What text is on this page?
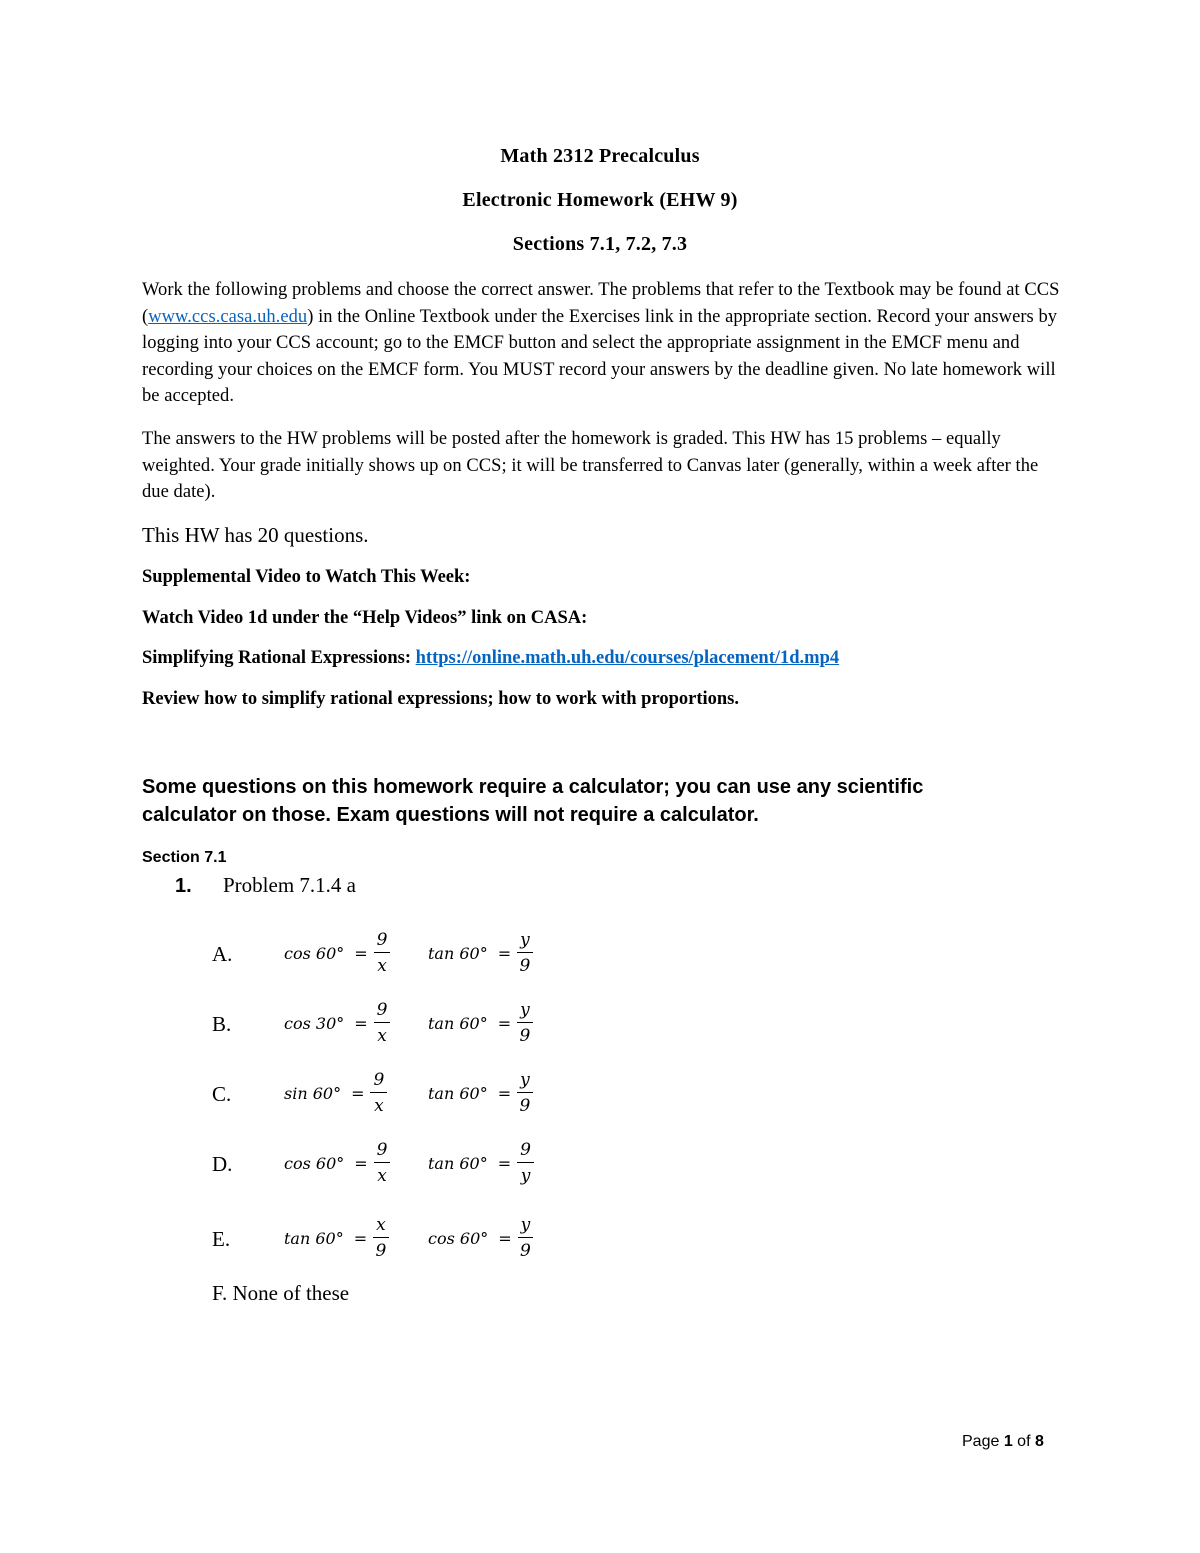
Math 2312 Precalculus
Electronic Homework (EHW 9)
Sections 7.1, 7.2, 7.3
Work the following problems and choose the correct answer. The problems that refer to the Textbook may be found at CCS (www.ccs.casa.uh.edu) in the Online Textbook under the Exercises link in the appropriate section. Record your answers by logging into your CCS account; go to the EMCF button and select the appropriate assignment in the EMCF menu and recording your choices on the EMCF form. You MUST record your answers by the deadline given. No late homework will be accepted.
The answers to the HW problems will be posted after the homework is graded. This HW has 15 problems – equally weighted. Your grade initially shows up on CCS; it will be transferred to Canvas later (generally, within a week after the due date).
This HW has 20 questions.
Supplemental Video to Watch This Week:
Watch Video 1d under the “Help Videos” link on CASA:
Simplifying Rational Expressions: https://online.math.uh.edu/courses/placement/1d.mp4
Review how to simplify rational expressions; how to work with proportions.
Some questions on this homework require a calculator; you can use any scientific calculator on those. Exam questions will not require a calculator.
Section 7.1
1. Problem 7.1.4 a
A.	$\cos 60^\circ = \frac{9}{x}$ $\tan 60^\circ = \frac{y}{9}$
B.	$\cos 30^\circ = \frac{9}{x}$ $\tan 60^\circ = \frac{y}{9}$
C.	$\sin 60^\circ = \frac{9}{x}$	$\tan 60^\circ = \frac{y}{9}$
D.	$\cos 60^\circ = \frac{9}{x}$ $\tan 60^\circ = \frac{9}{y}$
E.	$\tan 60^\circ = \frac{x}{9}$ $\cos 60^\circ = \frac{y}{9}$
F. None of these
Page 1 of 8
